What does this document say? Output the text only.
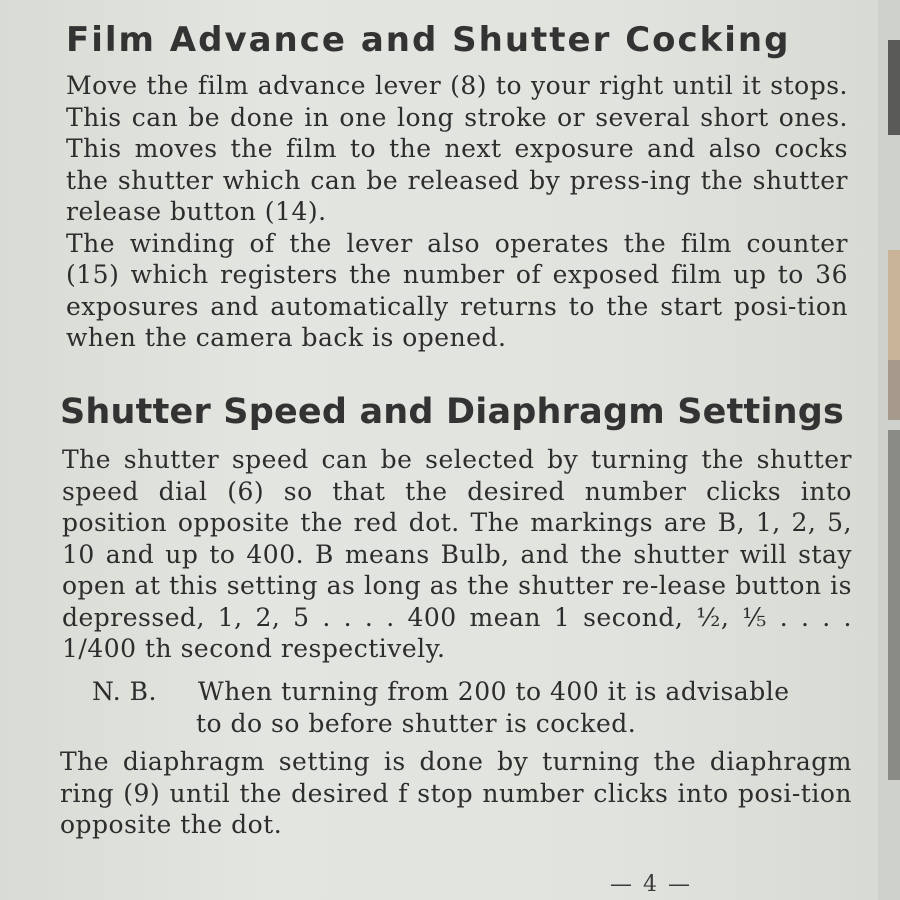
Film Advance and Shutter Cocking

Move the film advance lever (8) to your right until it stops. This can be done in one long stroke or several short ones. This moves the film to the next exposure and also cocks the shutter which can be released by press-ing the shutter release button (14).
The winding of the lever also operates the film counter (15) which registers the number of exposed film up to 36 exposures and automatically returns to the start posi-tion when the camera back is opened.

Shutter Speed and Diaphragm Settings

The shutter speed can be selected by turning the shutter speed dial (6) so that the desired number clicks into position opposite the red dot. The markings are B, 1, 2, 5, 10 and up to 400. B means Bulb, and the shutter will stay open at this setting as long as the shutter re-lease button is depressed, 1, 2, 5 . . . . 400 mean 1 second, ½, ⅕ . . . . 1/400 th second respectively.

N. B. When turning from 200 to 400 it is advisable

to do so before shutter is cocked.

The diaphragm setting is done by turning the diaphragm ring (9) until the desired f stop number clicks into posi-tion opposite the dot.

— 4 —
